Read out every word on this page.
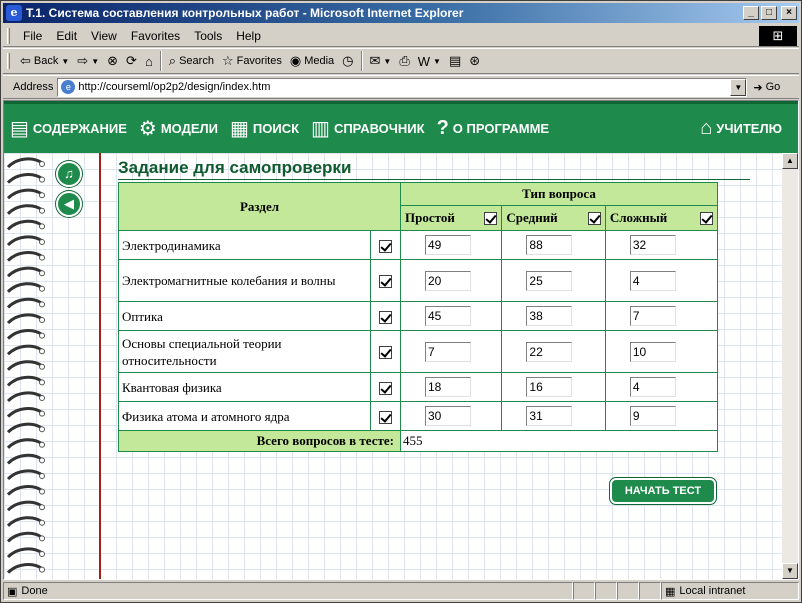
e Т.1. Система составления контрольных работ - Microsoft Internet Explorer	_	□	×
File	Edit	View	Favorites	Tools	Help	⊞
⇦ Back ▼ ⇨ ▼ ⊗ ⟳ ⌂ ⌕ Search ☆ Favorites ◉ Media ◷ ✉ ▼ ⎙ W ▼ ▤ ⊛
Address	e http://courseml/op2p2/design/index.htm	▼	➜ Go
▤ СОДЕРЖАНИЕ ⚙ МОДЕЛИ ▦ ПОИСК ▥ СПРАВОЧНИК ? О ПРОГРАММЕ	⌂ УЧИТЕЛЮ
♫
◀
Задание для самопроверки
Раздел		Тип вопроса		

		Простой	Средний	Сложный

Электродинамика		49	88	32
Электромагнитные колебания и волны		20	25	4
Оптика		45	38	7
Основы специальной теории относительности		7	22	10
Квантовая физика		18	16	4
Физика атома и атомного ядра		30	31	9
Всего вопросов в тесте:		455		
НАЧАТЬ ТЕСТ
▲
▼
▣ Done	▦ Local intranet
